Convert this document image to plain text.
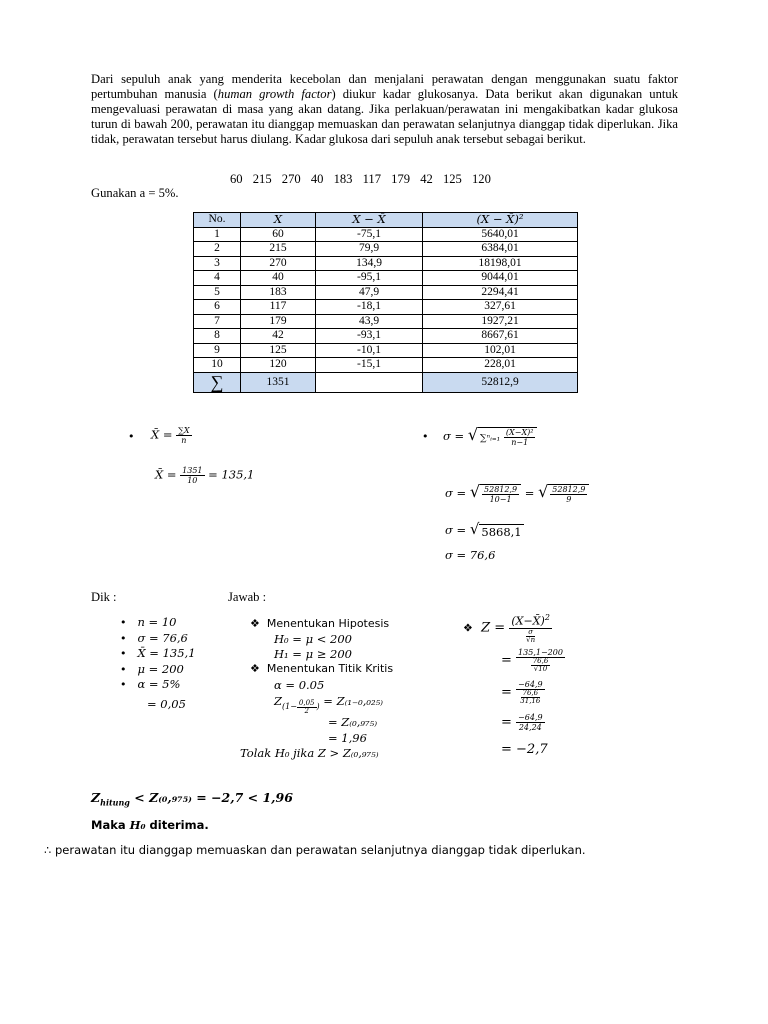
Dari sepuluh anak yang menderita kecebolan dan menjalani perawatan dengan menggunakan suatu faktor pertumbuhan manusia (human growth factor) diukur kadar glukosanya. Data berikut akan digunakan untuk mengevaluasi perawatan di masa yang akan datang. Jika perlakuan/perawatan ini mengakibatkan kadar glukosa turun di bawah 200, perawatan itu dianggap memuaskan dan perawatan selanjutnya dianggap tidak diperlukan. Jika tidak, perawatan tersebut harus diulang. Kadar glukosa dari sepuluh anak tersebut sebagai berikut.
60 215 270 40 183 117 179 42 125 120
Gunakan a = 5%.
No.	X	X − X̄	(X − X̄)²
1	60	-75,1	5640,01
2	215	79,9	6384,01
3	270	134,9	18198,01
4	40	-95,1	9044,01
5	183	47,9	2294,41
6	117	-18,1	327,61
7	179	43,9	1927,21
8	42	-93,1	8667,61
9	125	-10,1	102,01
10	120	-15,1	228,01
∑	1351		52812,9
• X̄ = $\frac{\sum X}{n}$
X̄ = $\frac{1351}{10} = 135,1$
• σ = √ ∑ⁿᵢ₌₁ $\frac{\text{(X−X̄)²}}{n-1}$
σ = √ $\frac{52812,9}{10-1}$ = √ $\frac{52812,9}{9}$
σ = √ 5868,1
σ = 76,6
Dik :
• n = 10
• σ = 76,6
• X̄ = 135,1
• μ = 200
• α = 5%
= 0,05
Jawab :
❖ Menentukan Hipotesis
H₀ = μ < 200
H₁ = μ ≥ 200
❖ Menentukan Titik Kritis
α = 0.05
$Z_{(1- \frac{0,05}{2} )} = Z_{(1-0},_{025)}$
= Z₍₀,₉₇₅₎
= 1,96
Tolak H₀ jika Z > Z₍₀,₉₇₅₎
❖ $Z = \frac{(X-X̄)^2}{\frac{\sigma}{√n}}$
= $\frac{135,1-200}{\frac{76,6}{√10}}$
= $\frac{-64,9}{\frac{76,6}{31,16}}$
= $\frac{-64,9}{24,24}$
= −2,7
$Z_{hitung} < Z_{(0},_{975)} = -2,7 < 1,96$
Maka H₀ diterima.
∴ perawatan itu dianggap memuaskan dan perawatan selanjutnya dianggap tidak diperlukan.
